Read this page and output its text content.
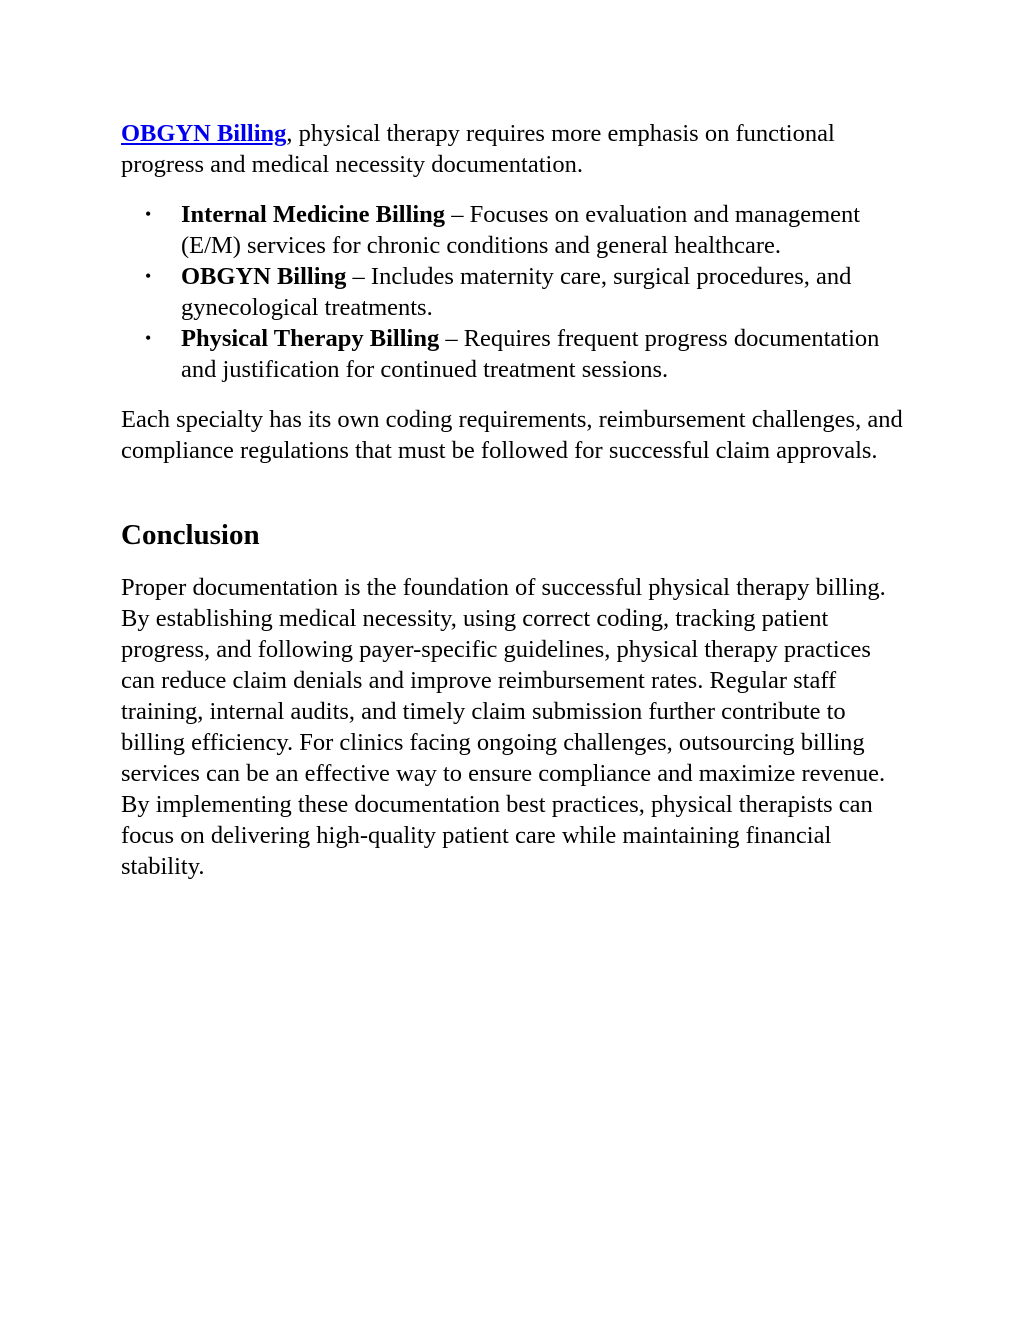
OBGYN Billing, physical therapy requires more emphasis on functional progress and medical necessity documentation.

• Internal Medicine Billing – Focuses on evaluation and management (E/M) services for chronic conditions and general healthcare.
• OBGYN Billing – Includes maternity care, surgical procedures, and gynecological treatments.
• Physical Therapy Billing – Requires frequent progress documentation and justification for continued treatment sessions.

Each specialty has its own coding requirements, reimbursement challenges, and compliance regulations that must be followed for successful claim approvals.

Conclusion

Proper documentation is the foundation of successful physical therapy billing. By establishing medical necessity, using correct coding, tracking patient progress, and following payer-specific guidelines, physical therapy practices can reduce claim denials and improve reimbursement rates. Regular staff training, internal audits, and timely claim submission further contribute to billing efficiency. For clinics facing ongoing challenges, outsourcing billing services can be an effective way to ensure compliance and maximize revenue. By implementing these documentation best practices, physical therapists can focus on delivering high-quality patient care while maintaining financial stability.
